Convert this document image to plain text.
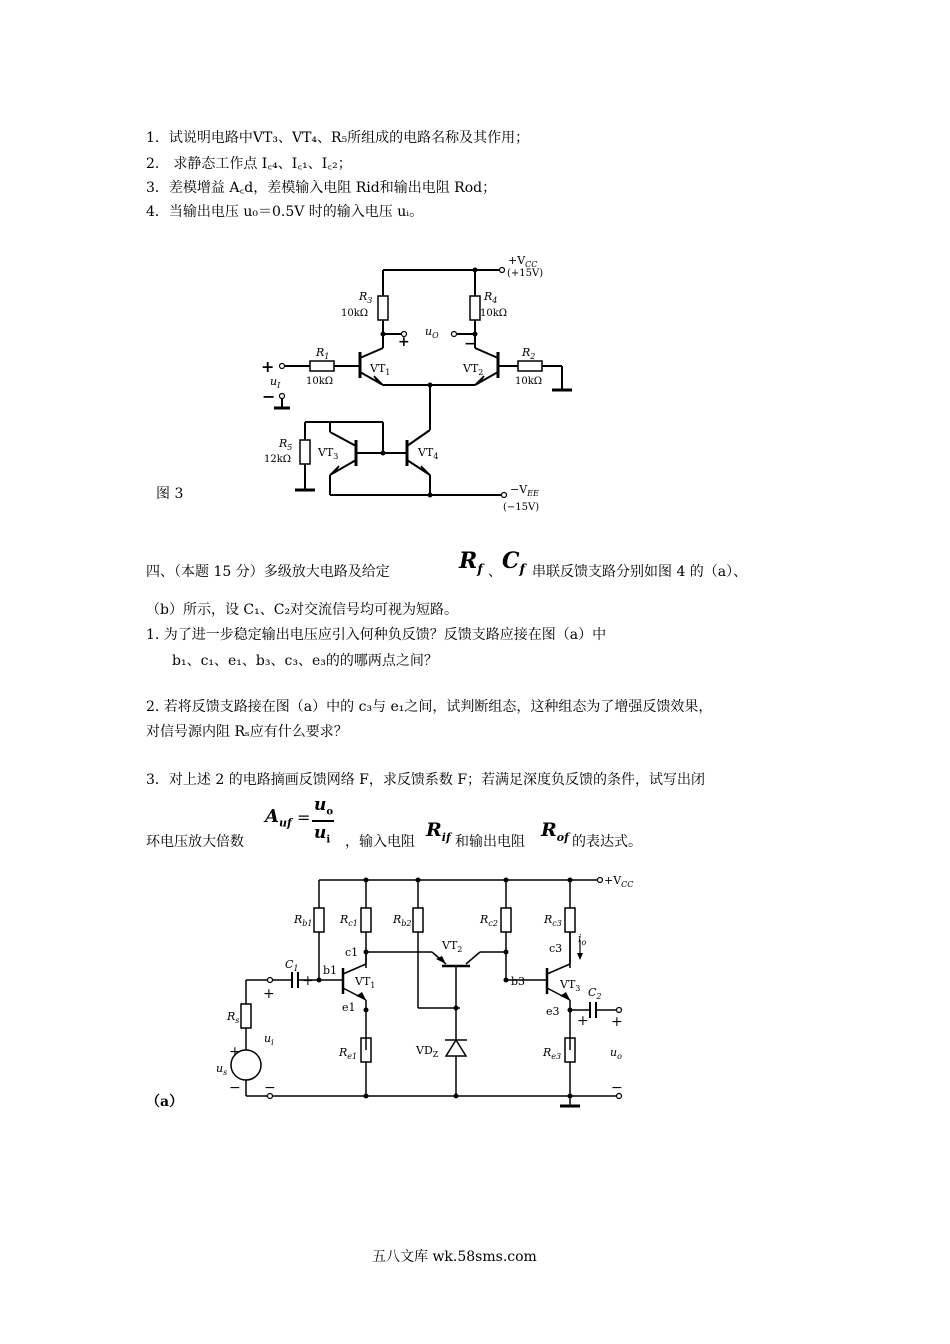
1．试说明电路中VT₃、VT₄、R₅所组成的电路名称及其作用；
2． 求静态工作点 I꜀₄、I꜀₁、I꜀₂；
3．差模增益 A꜀d，差模输入电阻 Rid和输出电阻 Rod；
4．当输出电压 u₀＝0.5V 时的输入电压 uᵢ。
$+V_{CC}$
(+15V)
$R_3$
10kΩ
$R_4$
10kΩ
$u_O$
+	−
$R_1$
10kΩ
$R_2$
10kΩ
+
$u_I$
−
$VT_1$	$VT_2$
$R_5$
12kΩ
$VT_3$	$VT_4$
$-V_{EE}$
(−15V)
图 3
四、（本题 15 分）多级放大电路及给定	$R_f$ 、 $C_f$ 串联反馈支路分别如图 4 的（a）、
（b）所示，设 C₁、C₂对交流信号均可视为短路。
1. 为了进一步稳定输出电压应引入何种负反馈？反馈支路应接在图（a）中
b₁、c₁、e₁、b₃、c₃、e₃的的哪两点之间？
2. 若将反馈支路接在图（a）中的 c₃与 e₁之间，试判断组态，这种组态为了增强反馈效果，
对信号源内阻 Rₛ应有什么要求？
3．对上述 2 的电路摘画反馈网络 F，求反馈系数 F；若满足深度负反馈的条件，试写出闭
环电压放大倍数
$A_{uf}$ =
$u_o$
$u_i$ ，输入电阻
$R_{if}$ 和输出电阻
$R_{of}$ 的表达式。
$+V_{CC}$
$R_{b1}$ $R_{c1}$	$R_{b2}$	$R_{c2}$	$R_{c3}$
c1
$VT_2$	c3
$i_o$
$C_1$
+
+
b1
$VT_1$
e1
b3	$VT_3$ $C_2$
e3
+ +
$R_s$
$u_i$
+
$u_s$
− −
$R_{e1}$	$VD_Z$	$R_{e3}$	$u_o$
−
（a）
五八文库 wk.58sms.com
